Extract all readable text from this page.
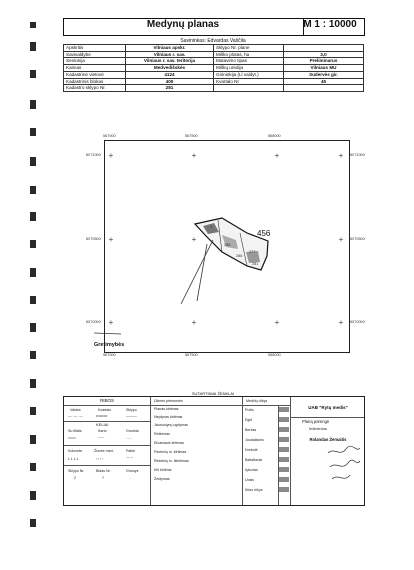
Medynų planas	M 1 : 10000
Savininkas: Edvardas Vaščila
Apskritis	Vilniaus apskr.	Sklypo Nr. plane	
Savivaldybė	Vilniaus r. sav.	Miško plotas, ha	3,0
Seniūnija	Vilniaus r. sav. teritorija	Matavimo tipas	Preliminarus
Kaimas	Medvedišskės	Miškų urėdija	Vilniaus MU
Kadastrinė vietovė	4124	Girininkija (Ll valdyt.)	Sudervės gir.
Kadastrinis blokas	400	Kvartalo Nr	45
Kadastro sklypo Nr.	281		
567000	567500	568000
567000	567500	568000
6071000
6070500
6070000
6071000
6070500
6070000
+	+	+	+
+	+	+
+	+	+	+
3
285
286
277
281
456
Gretimybės
SUTARTINIAI ŽENKLAI
RIBOS
Valdos	Kvartalo	Sklypo
— — —	•••••••••	———
KELIAI
Su tiltais	Karto	Grunkia
═══	~~~	- - -
Kolovete	Žiovės med.	Palkė
L L L L	↑↑↑↑	⌒⌒
Sklypo Nr.	Bidas Nr.	Grionys
2	?	.
Ūkinės priemonės
Planas kirtimas
Neplynas kirtimas
Jaunuolynų ugdymas
Retinimas
Einamasis kirtimas
Pavienių m. kirtimas
Rinktinių m. iškirtimas
Kiti kirtimai
Želdymas
Medžių rūšys
Pušis
Eglė
Beržas
Juodalksnis
Drebulė
Baltalksnis
Ąžuolas
Uosis
Kitos rūšys
UAB "Rytų medis"
Planą parengė
Inžinierius
Rolandas Žemaitis
